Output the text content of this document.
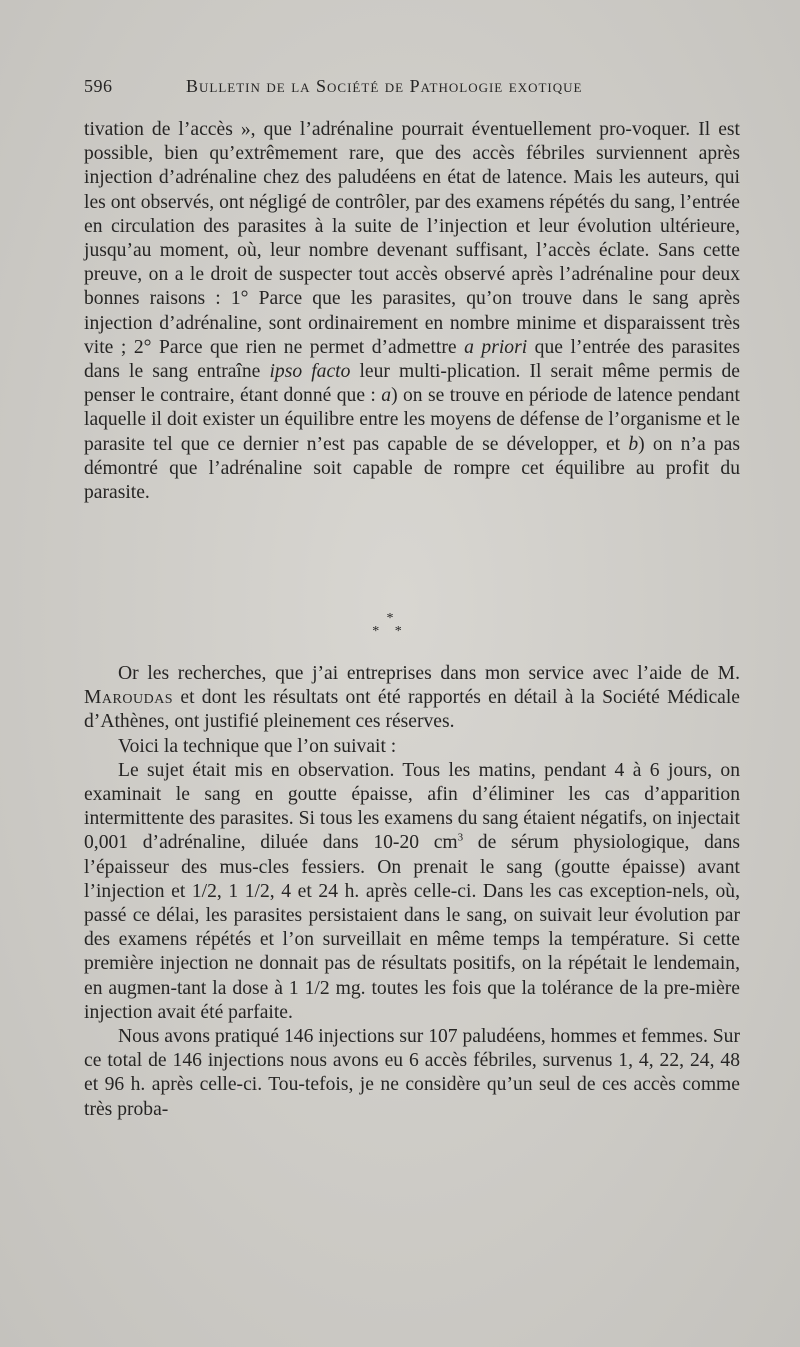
596	Bulletin de la Société de Pathologie exotique

tivation de l’accès », que l’adrénaline pourrait éventuellement pro-voquer. Il est possible, bien qu’extrêmement rare, que des accès fébriles surviennent après injection d’adrénaline chez des paludéens en état de latence. Mais les auteurs, qui les ont observés, ont négligé de contrôler, par des examens répétés du sang, l’entrée en circulation des parasites à la suite de l’injection et leur évolution ultérieure, jusqu’au moment, où, leur nombre devenant suffisant, l’accès éclate. Sans cette preuve, on a le droit de suspecter tout accès observé après l’adrénaline pour deux bonnes raisons : 1° Parce que les parasites, qu’on trouve dans le sang après injection d’adrénaline, sont ordinairement en nombre minime et disparaissent très vite ; 2° Parce que rien ne permet d’admettre a priori que l’entrée des parasites dans le sang entraîne ipso facto leur multi-plication. Il serait même permis de penser le contraire, étant donné que : a) on se trouve en période de latence pendant laquelle il doit exister un équilibre entre les moyens de défense de l’organisme et le parasite tel que ce dernier n’est pas capable de se développer, et b) on n’a pas démontré que l’adrénaline soit capable de rompre cet équilibre au profit du parasite.

*
* *

Or les recherches, que j’ai entreprises dans mon service avec l’aide de M. Maroudas et dont les résultats ont été rapportés en détail à la Société Médicale d’Athènes, ont justifié pleinement ces réserves.

Voici la technique que l’on suivait :

Le sujet était mis en observation. Tous les matins, pendant 4 à 6 jours, on examinait le sang en goutte épaisse, afin d’éliminer les cas d’apparition intermittente des parasites. Si tous les examens du sang étaient négatifs, on injectait 0,001 d’adrénaline, diluée dans 10-20 $cm^3$ de sérum physiologique, dans l’épaisseur des mus-cles fessiers. On prenait le sang (goutte épaisse) avant l’injection et 1/2, 1 1/2, 4 et 24 h. après celle-ci. Dans les cas exception-nels, où, passé ce délai, les parasites persistaient dans le sang, on suivait leur évolution par des examens répétés et l’on surveillait en même temps la température. Si cette première injection ne donnait pas de résultats positifs, on la répétait le lendemain, en augmen-tant la dose à 1 1/2 mg. toutes les fois que la tolérance de la pre-mière injection avait été parfaite.

Nous avons pratiqué 146 injections sur 107 paludéens, hommes et femmes. Sur ce total de 146 injections nous avons eu 6 accès fébriles, survenus 1, 4, 22, 24, 48 et 96 h. après celle-ci. Tou-tefois, je ne considère qu’un seul de ces accès comme très proba-
